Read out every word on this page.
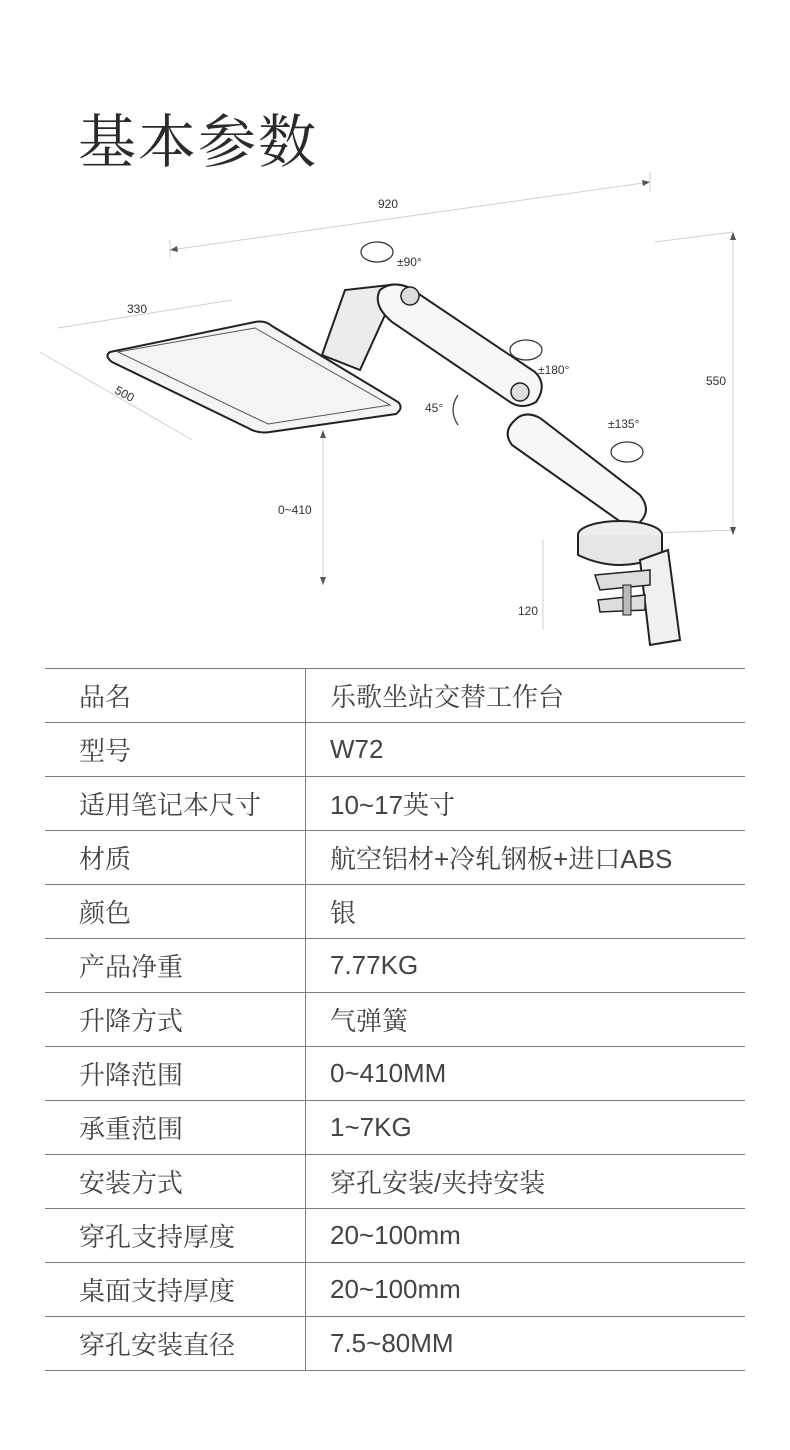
基本参数
920
550
330
500
0~410
120
±90°
±180°
45°
±135°
品名	乐歌坐站交替工作台
型号	W72
适用笔记本尺寸	10~17英寸
材质	航空铝材+冷轧钢板+进口ABS
颜色	银
产品净重	7.77KG
升降方式	气弹簧
升降范围	0~410MM
承重范围	1~7KG
安装方式	穿孔安装/夹持安装
穿孔支持厚度	20~100mm
桌面支持厚度	20~100mm
穿孔安装直径	7.5~80MM
